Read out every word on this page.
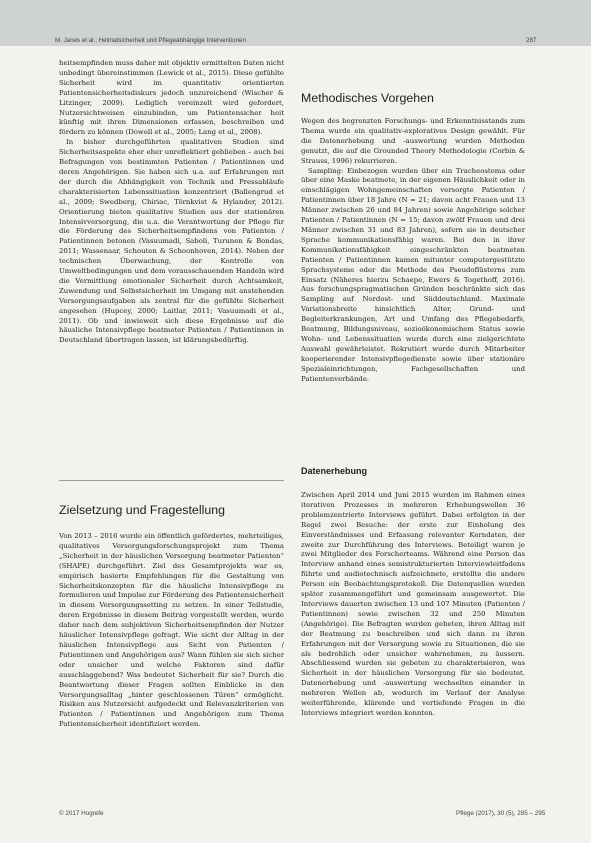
M. Janes et al.: Heimatsicherheit und Pflegeabhängige Interventionen	287

heitsempfinden muss daher mit objektiv ermittelten Daten nicht unbedingt übereinstimmen (Lewick et al., 2015). Diese gefühlte Sicherheit wird im quantitativ orientierten Patientensicherheitsdiskurs jedoch unzureichend (Wischer & Litzinger, 2009). Lediglich vereinzelt wird gefordert, Nutzersichtweisen einzubinden, um Patientensicher heit künftig mit ihren Dimensionen erfassen, beschreiben und fördern zu können (Dowell et al., 2005; Lang et al., 2008).

In bisher durchgeführten qualitativen Studien sind Sicherheitsaspekte eher eher unreflektiert geblieben – auch bei Befragungen von bestimmten Patienten / Patientinnen und deren Angehörigen. Sie haben sich u.a. auf Erfahrungen mit der durch die Abhängigkeit von Technik und Pressabläufe charakterisierten Lebenssituation konzentriert (Ballengrud et al., 2009; Swedberg, Chiriac, Törnkvist & Hylander, 2012). Orientierung bieten qualitative Studien aus der stationären Intensivversorgung, die u.a. die Verantwortung der Pflege für die Förderung des Sicherheitsempfindens von Patienten / Patientinnen betonen (Vasuumadi, Saboli, Turunen & Bondas, 2011; Wassenaar, Schouten & Schoonhoven, 2014). Neben der technischen Überwachung, der Kontrolle von Umweltbedingungen und dem vorausschauenden Handeln wird die Vermittlung emotionaler Sicherheit durch Achtsamkeit, Zuwendung und Selbstsicherheit im Umgang mit anstehenden Versorgungsaufgaben als zentral für die gefühlte Sicherheit angesehen (Hupcey, 2000; Laitlar, 2011; Vasuumadi et al., 2011). Ob und inwieweit sich diese Ergebnisse auf die häusliche Intensivpflege beatmeter Patienten / Patientinnen in Deutschland übertragen lassen, ist klärungsbedürftig.

Zielsetzung und Fragestellung

Von 2013 – 2016 wurde ein öffentlich gefördertes, mehrteiliges, qualitatives Versorgungsforschungsprojekt zum Thema „Sicherheit in der häuslichen Versorgung beatmeter Patienten“ (SHAPE) durchgeführt. Ziel des Gesamtprojekts war es, empirisch basierte Empfehlungen für die Gestaltung von Sicherheitskonzepten für die häusliche Intensivpflege zu formulieren und Impulse zur Förderung des Patientensicherheit in diesem Versorgungssetting zu setzen. In einer Teilstudie, deren Ergebnisse in diesem Beitrag vorgestellt werden, wurde daher nach dem subjektiven Sicherheitsempfinden der Nutzer häuslicher Intensivpflege gefragt. Wie sicht der Alltag in der häuslichen Intensivpflege aus Sicht von Patienten / Patientinnen und Angehörigen aus? Wann fühlen sie sich sicher oder unsicher und welche Faktoren sind dafür ausschlaggebend? Was bedeutet Sicherheit für sie? Durch die Beantwortung dieser Fragen sollten Einblicke in den Versorgungsalltag „hinter geschlossenen Türen“ ermöglicht. Risiken aus Nutzersicht aufgedeckt und Relevanzkriterien von Patienten / Patientinnen und Angehörigen zum Thema Patientensicherheit identifiziert werden.

Methodisches Vorgehen

Wegen des begrenzten Forschungs- und Erkenntnisstands zum Thema wurde ein qualitativ-exploratives Design gewählt. Für die Datenerhebung und -auswertung wurden Methoden genutzt, die auf die Grounded Theory Methodologie (Corbin & Strauss, 1996) rekurrieren.

Sampling: Einbezogen wurden über ein Tracheostoma oder über eine Maske beatmete, in der eigenen Häuslichkeit oder in einschlägigen Wohngemeinschaften versorgte Patienten / Patientinnen über 18 Jahre (N = 21; davon acht Frauen und 13 Männer zwischen 26 und 84 Jahren) sowie Angehörige solcher Patienten / Patientinnen (N = 15; davon zwölf Frauen und drei Männer zwischen 31 und 83 Jahren), sofern sie in deutscher Sprache kommunikationsfähig waren. Bei den in ihrer Kommunikationsfähigkeit eingeschränkten beatmeten Patienten / Patientinnen kamen mitunter computergestützte Sprachsysteme oder die Methode des Pseudoflüsterns zum Einsatz (Näheres hierzu Schaepe, Ewers & Togethoff, 2016). Aus forschungspragmatischen Gründen beschränkte sich das Sampling auf Nordost- und Süddeutschland. Maximale Variationsbreite hinsichtlich Alter, Grund- und Begleiterkrankungen, Art und Umfang des Pflegebedarfs, Beatmung, Bildungsniveau, sozioökonomischem Status sowie Wohn- und Lebenssituation wurde durch eine zielgerichtete Auswahl gewährleistet. Rekrutiert wurde durch Mitarbeiter kooperierender Intensivpflegedienste sowie über stationäre Spezialeinrichtungen, Fachgesellschaften und Patientenverbände.

Datenerhebung

Zwischen April 2014 und Juni 2015 wurden im Rahmen eines iterativen Prozesses in mehreren Erhebungswellen 36 problemzentrierte Interviews geführt. Dabei erfolgten in der Regel zwei Besuche: der erste zur Einholung des Einverständnisses und Erfassung relevanter Kerndaten, der zweite zur Durchführung des Interviews. Beteiligt waren je zwei Mitglieder des Forscherteams. Während eine Person das Interview anhand eines semistrukturierten Interviewleitfadens führte und audiotechnisch aufzeichnete, erstellte die andere Person ein Beobachtungsprotokoll. Die Datenquellen wurden später zusammengeführt und gemeinsam ausgewertet. Die Interviews dauerten zwischen 13 und 107 Minuten (Patienten / Patientinnen) sowie zwischen 32 und 250 Minuten (Angehörige). Die Befragten wurden gebeten, ihren Alltag mit der Beatmung zu beschreiben und sich dann zu ihren Erfahrungen mit der Versorgung sowie zu Situationen, die sie als bedrohlich oder unsicher wahrnehmen, zu äussern. Abschliessend wurden sie gebeten zu charakterisieren, was Sicherheit in der häuslichen Versorgung für sie bedeutet. Datenerhebung und -auswertung wechselten einander in mehreren Wellen ab, wodurch im Verlauf der Analyse weiterführende, klärende und vertiefende Fragen in die Interviews integriert werden konnten.

© 2017 Hogrefe	Pflege (2017), 30 (5), 285 – 295
